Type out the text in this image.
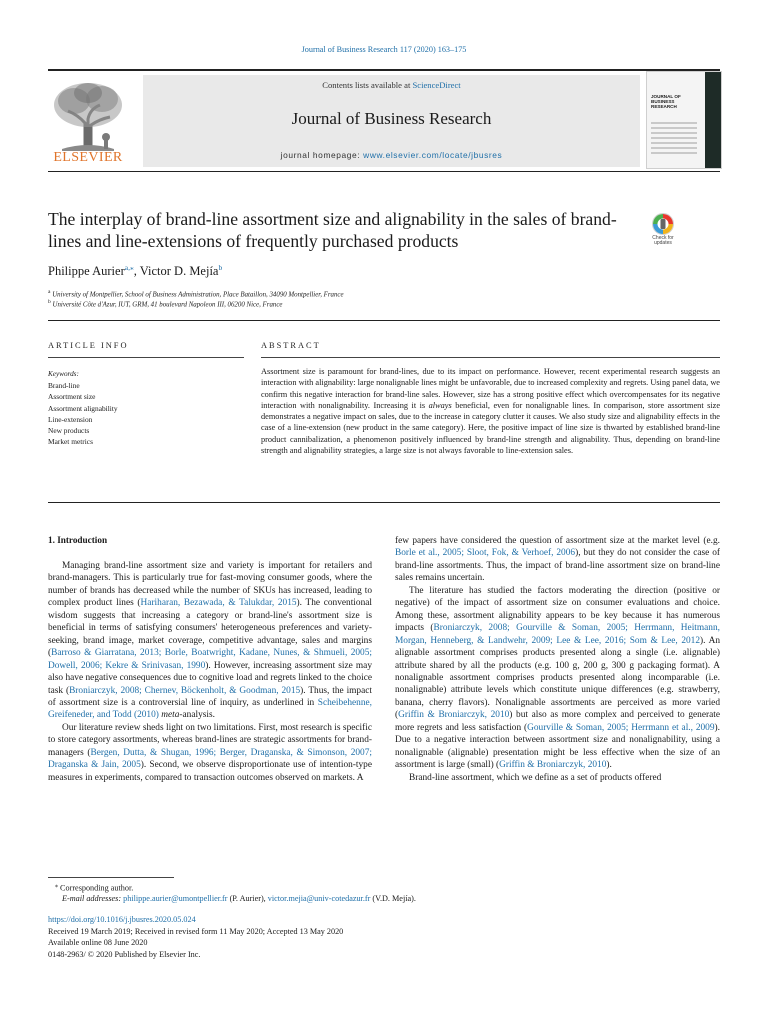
Journal of Business Research 117 (2020) 163–175
ELSEVIER
Contents lists available at ScienceDirect
Journal of Business Research
journal homepage: www.elsevier.com/locate/jbusres
JOURNAL OF BUSINESS RESEARCH
The interplay of brand-line assortment size and alignability in the sales of brand-lines and line-extensions of frequently purchased products	Check for updates
Philippe Aurier$^{a,⁎}$, Victor D. Mejía$^b$
$^a$ University of Montpellier, School of Business Administration, Place Bataillon, 34090 Montpellier, France
$^b$ Université Côte d'Azur, IUT, GRM, 41 boulevard Napoleon III, 06200 Nice, France
ARTICLE INFO
Keywords:
Brand-line
Assortment size
Assortment alignability
Line-extension
New products
Market metrics
ABSTRACT
Assortment size is paramount for brand-lines, due to its impact on performance. However, recent experimental research suggests an interaction with alignability: large nonalignable lines might be unfavorable, due to increased complexity and regrets. Using panel data, we confirm this negative interaction for brand-line sales. However, size has a strong positive effect which overcompensates for its negative interaction with nonalignability. Increasing it is always beneficial, even for nonalignable lines. In comparison, store assortment size demonstrates a negative impact on sales, due to the increase in category clutter it causes. We also study size and alignability effects in the case of a line-extension (new product in the same category). Here, the positive impact of line size is thwarted by established brand-line product cannibalization, a phenomenon positively influenced by brand-line strength and alignability. Thus, depending on brand-line strength and alignability strategies, a large size is not always favorable to line-extension sales.
1. Introduction

Managing brand-line assortment size and variety is important for retailers and brand-managers. This is particularly true for fast-moving consumer goods, where the number of brands has decreased while the number of SKUs has increased, leading to complex product lines (Hariharan, Bezawada, & Talukdar, 2015). The conventional wisdom suggests that increasing a category or brand-line's assortment size is beneficial in terms of satisfying consumers' heterogeneous preferences and variety-seeking, brand image, market coverage, competitive advantage, sales and margins (Barroso & Giarratana, 2013; Borle, Boatwright, Kadane, Nunes, & Shmueli, 2005; Dowell, 2006; Kekre & Srinivasan, 1990). However, increasing assortment size may also have negative consequences due to cognitive load and regrets linked to the choice task (Broniarczyk, 2008; Chernev, Böckenholt, & Goodman, 2015). Thus, the impact of assortment size is a controversial line of inquiry, as underlined in Scheibehenne, Greifeneder, and Todd (2010) meta-analysis.

Our literature review sheds light on two limitations. First, most research is specific to store category assortments, whereas brand-lines are strategic assortments for brand-managers (Bergen, Dutta, & Shugan, 1996; Berger, Draganska, & Simonson, 2007; Draganska & Jain, 2005). Second, we observe disproportionate use of intention-type measures in experiments, compared to transaction outcomes observed on markets. A

few papers have considered the question of assortment size at the market level (e.g. Borle et al., 2005; Sloot, Fok, & Verhoef, 2006), but they do not consider the case of brand-line assortments. Thus, the impact of brand-line assortment size on brand-line sales remains uncertain.

The literature has studied the factors moderating the direction (positive or negative) of the impact of assortment size on consumer evaluations and choice. Among these, assortment alignability appears to be key because it has numerous impacts (Broniarczyk, 2008; Gourville & Soman, 2005; Herrmann, Heitmann, Morgan, Henneberg, & Landwehr, 2009; Lee & Lee, 2016; Som & Lee, 2012). An alignable assortment comprises products presented along a single (i.e. alignable) attribute shared by all the products (e.g. 100 g, 200 g, 300 g packaging format). A nonalignable assortment comprises products presented along incomparable (i.e. nonalignable) attribute levels which constitute unique differences (e.g. strawberry, banana, cherry flavors). Nonalignable assortments are perceived as more varied (Griffin & Broniarczyk, 2010) but also as more complex and perceived to generate more regrets and less satisfaction (Gourville & Soman, 2005; Herrmann et al., 2009). Due to a negative interaction between assortment size and nonalignability, using a nonalignable (alignable) presentation might be less effective when the size of an assortment is large (small) (Griffin & Broniarczyk, 2010).

Brand-line assortment, which we define as a set of products offered

⁎ Corresponding author.
E-mail addresses: philippe.aurier@umontpellier.fr (P. Aurier), victor.mejia@univ-cotedazur.fr (V.D. Mejía).
https://doi.org/10.1016/j.jbusres.2020.05.024
Received 19 March 2019; Received in revised form 11 May 2020; Accepted 13 May 2020
Available online 08 June 2020
0148-2963/ © 2020 Published by Elsevier Inc.
